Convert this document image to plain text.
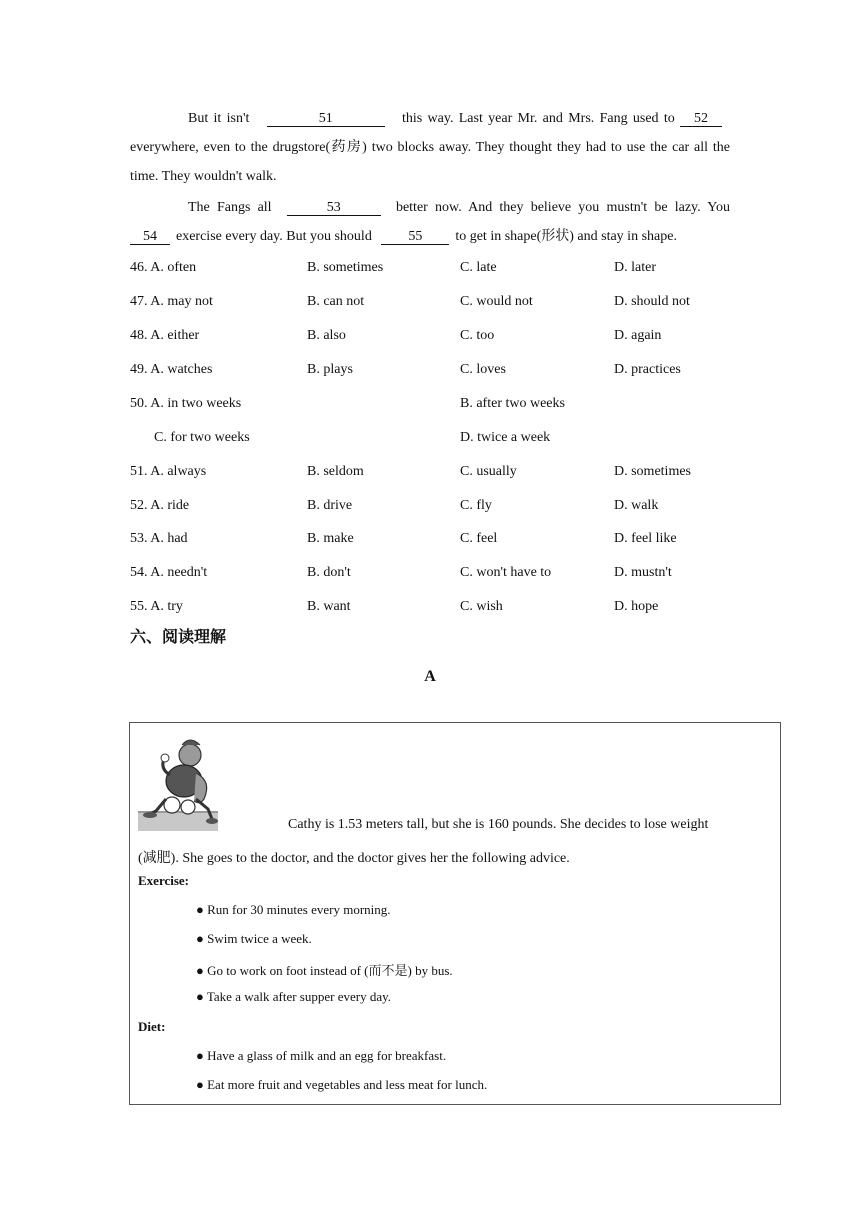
But it isn't	51	this way. Last year Mr. and Mrs. Fang used to 52everywhere, even to the drugstore(药房) two blocks away. They thought they had to use the car all the time. They wouldn't walk.
The Fangs all	53	better now. And they believe you mustn't be lazy. You 54 exercise every day. But you should	55 to get in shape(形状) and stay in shape.
46. A. often	B. sometimes	C. late	D. later
47. A. may not	B. can not	C. would not	D. should not
48. A. either	B. also	C. too	D. again
49. A. watches	B. plays	C. loves	D. practices
50. A. in two weeks	B. after two weeks
C. for two weeks	D. twice a week
51. A. always	B. seldom	C. usually	D. sometimes
52. A. ride	B. drive	C. fly	D. walk
53. A. had	B. make	C. feel	D. feel like
54. A. needn't	B. don't	C. won't have to	D. mustn't
55. A. try	B. want	C. wish	D. hope
六、阅读理解
A
Cathy is 1.53 meters tall, but she is 160 pounds. She decides to lose weight
(减肥). She goes to the doctor, and the doctor gives her the following advice.
Exercise:
● Run for 30 minutes every morning.
● Swim twice a week.
● Go to work on foot instead of (而不是) by bus.
● Take a walk after supper every day.
Diet:
● Have a glass of milk and an egg for breakfast.
● Eat more fruit and vegetables and less meat for lunch.
